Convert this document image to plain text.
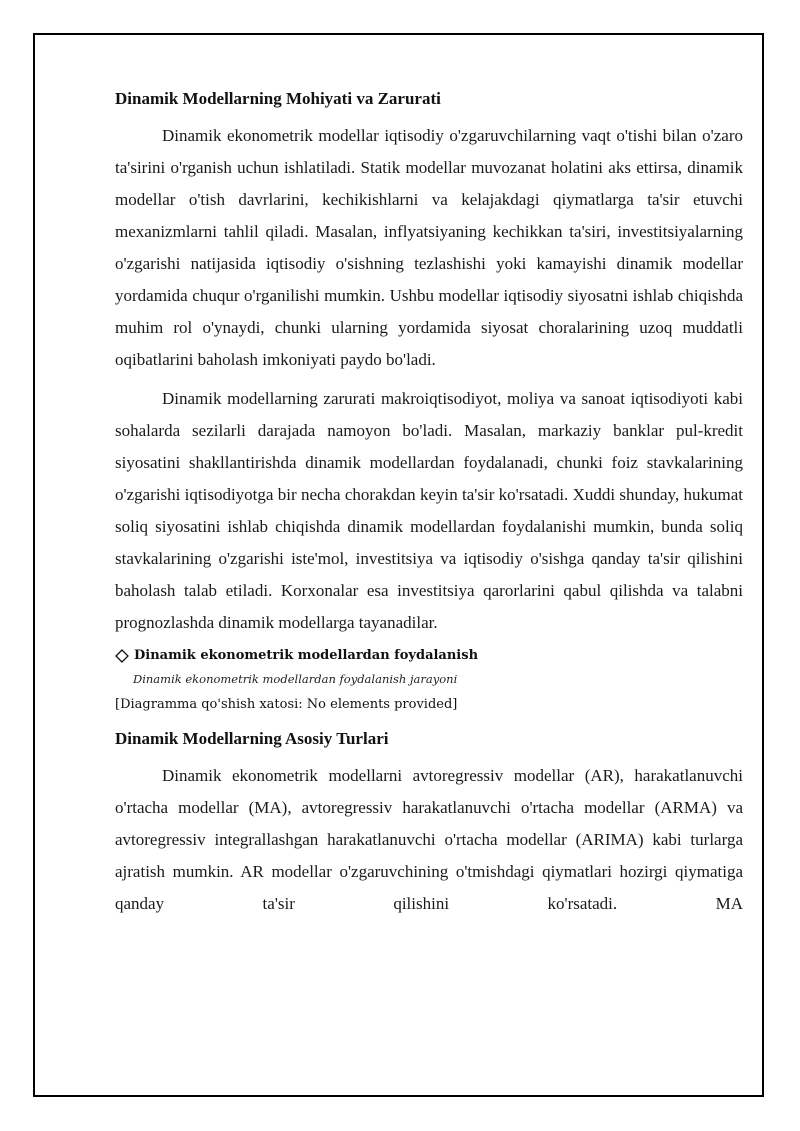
Dinamik Modellarning Mohiyati va Zarurati

Dinamik ekonometrik modellar iqtisodiy o'zgaruvchilarning vaqt o'tishi bilan o'zaro ta'sirini o'rganish uchun ishlatiladi. Statik modellar muvozanat holatini aks ettirsa, dinamik modellar o'tish davrlarini, kechikishlarni va kelajakdagi qiymatlarga ta'sir etuvchi mexanizmlarni tahlil qiladi. Masalan, inflyatsiyaning kechikkan ta'siri, investitsiyalarning o'zgarishi natijasida iqtisodiy o'sishning tezlashishi yoki kamayishi dinamik modellar yordamida chuqur o'rganilishi mumkin. Ushbu modellar iqtisodiy siyosatni ishlab chiqishda muhim rol o'ynaydi, chunki ularning yordamida siyosat choralarining uzoq muddatli oqibatlarini baholash imkoniyati paydo bo'ladi.

Dinamik modellarning zarurati makroiqtisodiyot, moliya va sanoat iqtisodiyoti kabi sohalarda sezilarli darajada namoyon bo'ladi. Masalan, markaziy banklar pul-kredit siyosatini shakllantirishda dinamik modellardan foydalanadi, chunki foiz stavkalarining o'zgarishi iqtisodiyotga bir necha chorakdan keyin ta'sir ko'rsatadi. Xuddi shunday, hukumat soliq siyosatini ishlab chiqishda dinamik modellardan foydalanishi mumkin, bunda soliq stavkalarining o'zgarishi iste'mol, investitsiya va iqtisodiy o'sishga qanday ta'sir qilishini baholash talab etiladi. Korxonalar esa investitsiya qarorlarini qabul qilishda va talabni prognozlashda dinamik modellarga tayanadilar.

Dinamik ekonometrik modellardan foydalanish
Dinamik ekonometrik modellardan foydalanish jarayoni
[Diagramma qo'shish xatosi: No elements provided]
Dinamik Modellarning Asosiy Turlari

Dinamik ekonometrik modellarni avtoregressiv modellar (AR), harakatlanuvchi o'rtacha modellar (MA), avtoregressiv harakatlanuvchi o'rtacha modellar (ARMA) va avtoregressiv integrallashgan harakatlanuvchi o'rtacha modellar (ARIMA) kabi turlarga ajratish mumkin. AR modellar o'zgaruvchining o'tmishdagi qiymatlari hozirgi qiymatiga qanday ta'sir qilishini ko'rsatadi. MA
